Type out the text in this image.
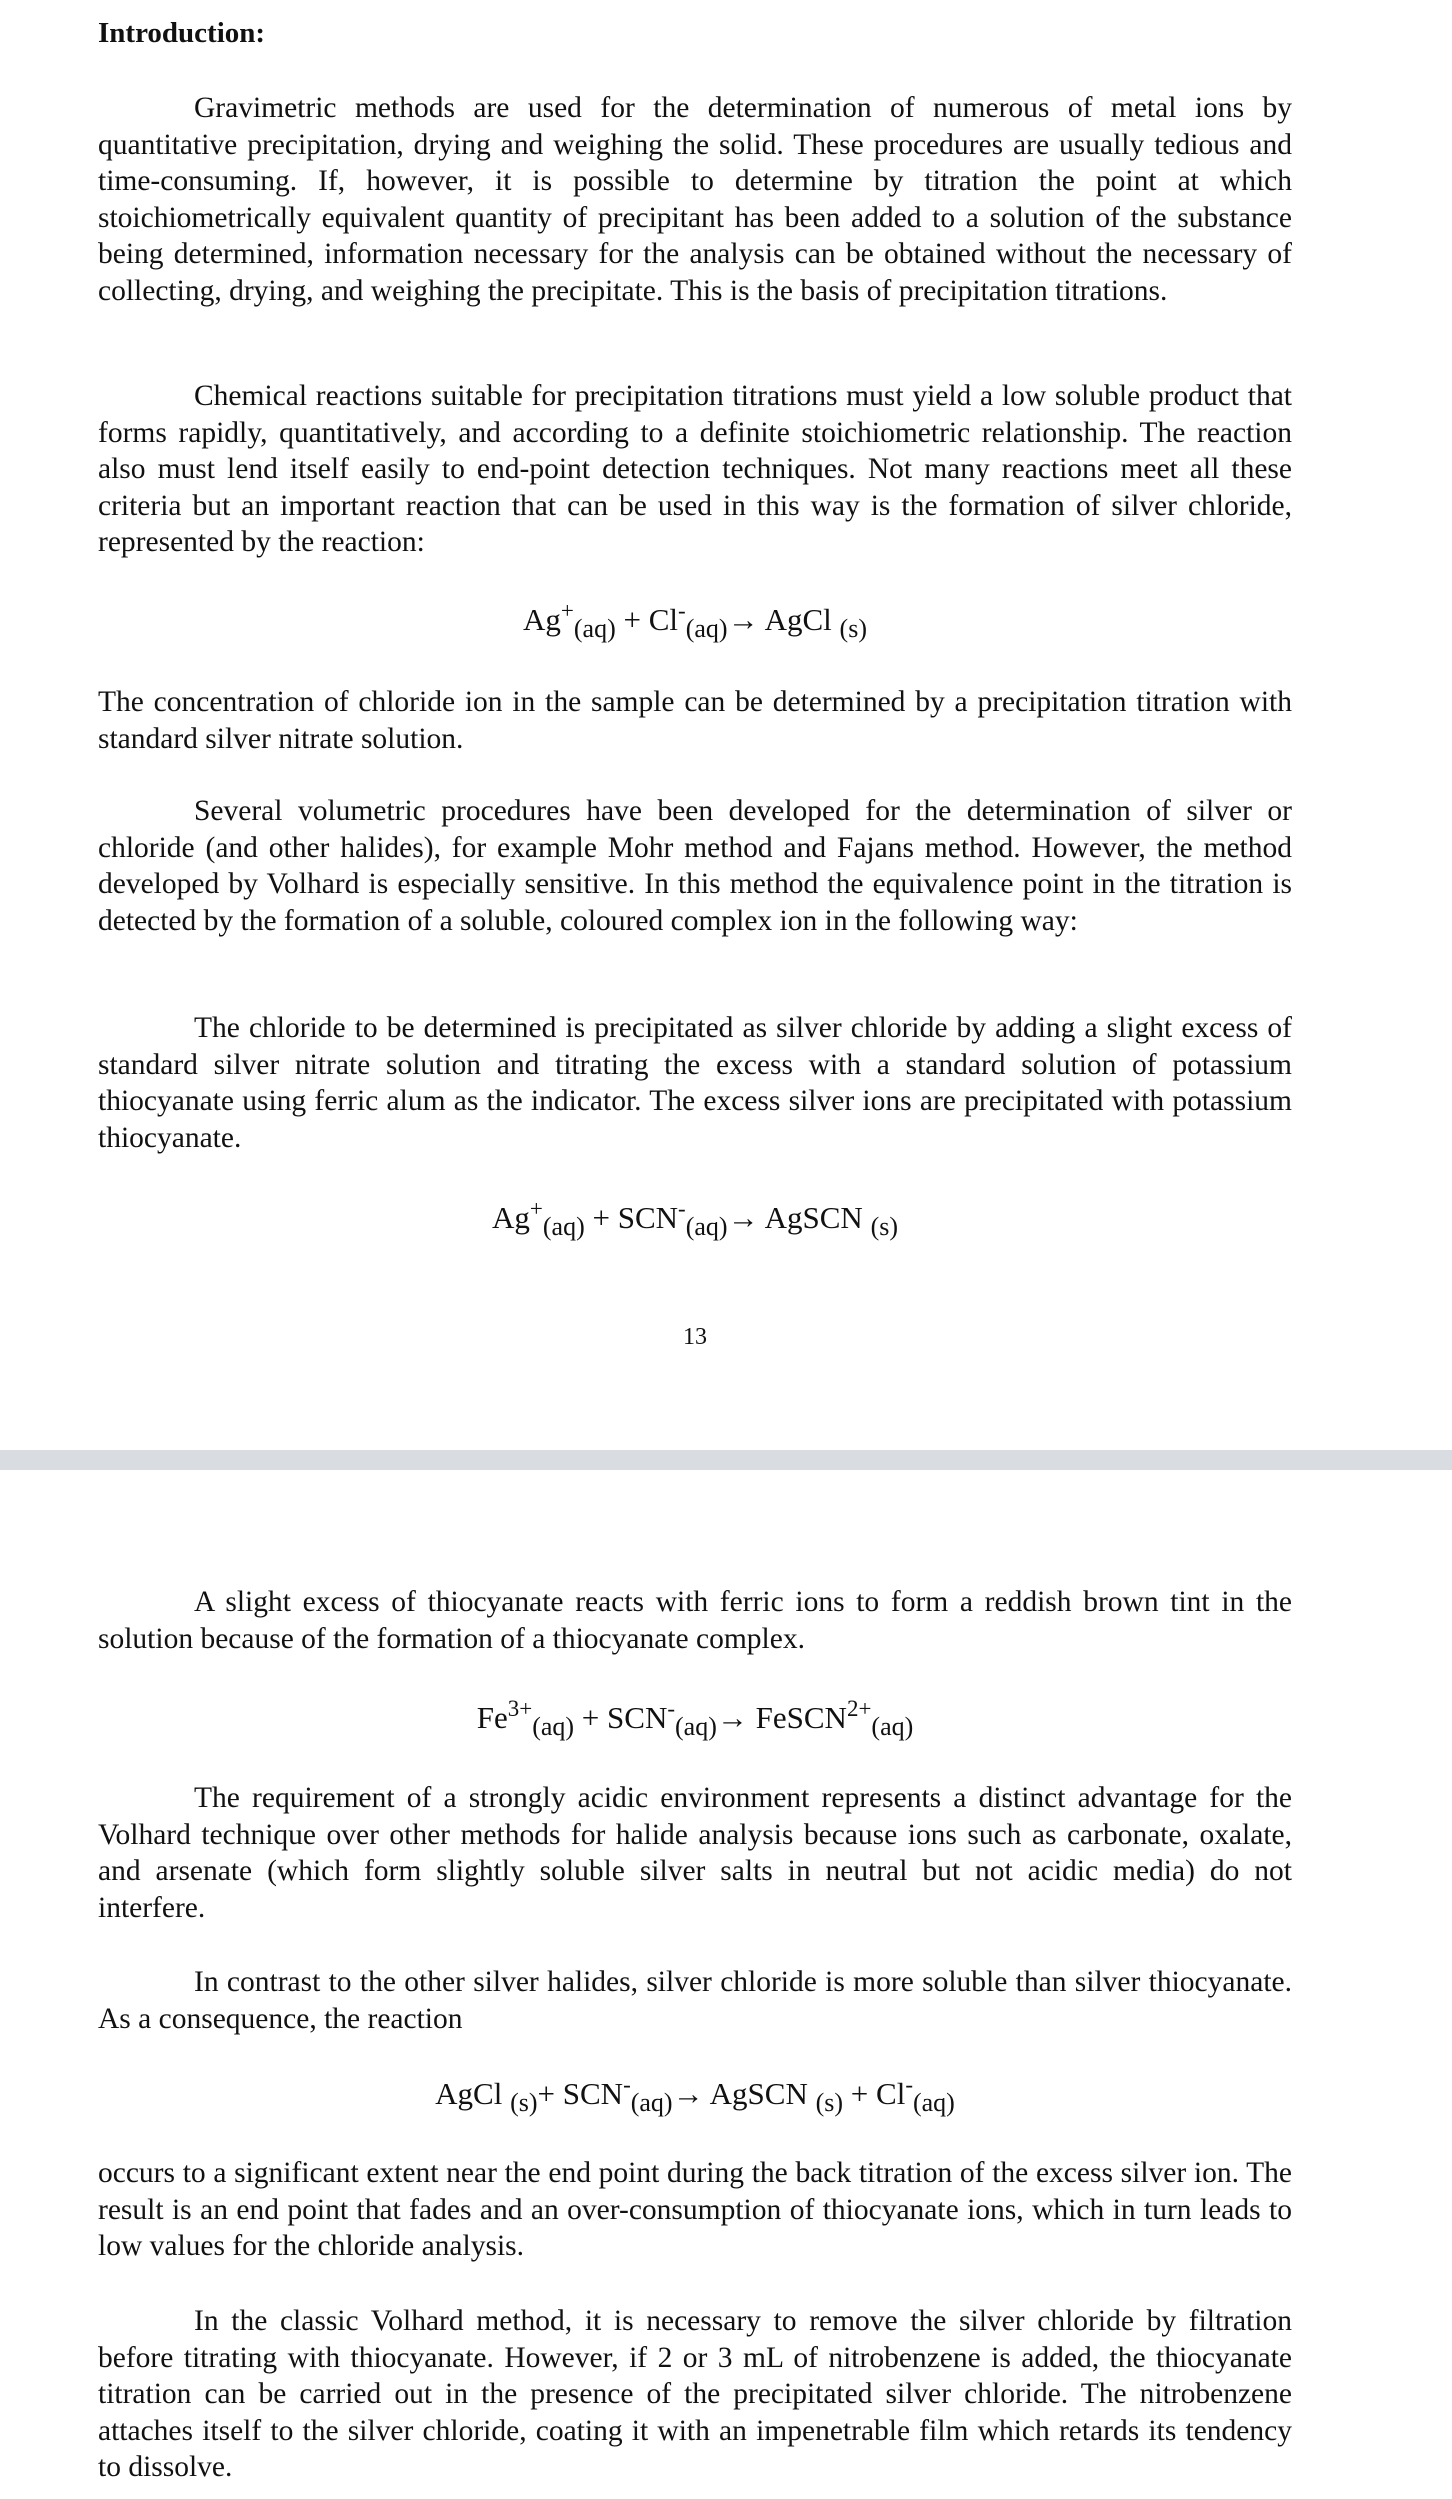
Introduction:

Gravimetric methods are used for the determination of numerous of metal ions by quantitative precipitation, drying and weighing the solid. These procedures are usually tedious and time-consuming. If, however, it is possible to determine by titration the point at which stoichiometrically equivalent quantity of precipitant has been added to a solution of the substance being determined, information necessary for the analysis can be obtained without the necessary of collecting, drying, and weighing the precipitate. This is the basis of precipitation titrations.

Chemical reactions suitable for precipitation titrations must yield a low soluble product that forms rapidly, quantitatively, and according to a definite stoichiometric relationship. The reaction also must lend itself easily to end-point detection techniques. Not many reactions meet all these criteria but an important reaction that can be used in this way is the formation of silver chloride, represented by the reaction:

$Ag^+_{(aq)} + Cl^-_{(aq)}\to$ AgCl $_{(s)}$

The concentration of chloride ion in the sample can be determined by a precipitation titration with standard silver nitrate solution.

Several volumetric procedures have been developed for the determination of silver or chloride (and other halides), for example Mohr method and Fajans method. However, the method developed by Volhard is especially sensitive. In this method the equivalence point in the titration is detected by the formation of a soluble, coloured complex ion in the following way:

The chloride to be determined is precipitated as silver chloride by adding a slight excess of standard silver nitrate solution and titrating the excess with a standard solution of potassium thiocyanate using ferric alum as the indicator. The excess silver ions are precipitated with potassium thiocyanate.

$Ag^+_{(aq)} + SCN^-_{(aq)}\to$ AgSCN $_{(s)}$
13

A slight excess of thiocyanate reacts with ferric ions to form a reddish brown tint in the solution because of the formation of a thiocyanate complex.

$Fe^{3+}_{(aq)} + SCN^-_{(aq)}\to$ FeSCN$^{2+}_{(aq)}$

The requirement of a strongly acidic environment represents a distinct advantage for the Volhard technique over other methods for halide analysis because ions such as carbonate, oxalate, and arsenate (which form slightly soluble silver salts in neutral but not acidic media) do not interfere.

In contrast to the other silver halides, silver chloride is more soluble than silver thiocyanate. As a consequence, the reaction

AgCl $_{(s)}+ SCN^-_{(aq)}\to$ AgSCN $_{(s)} + Cl^-_{(aq)}$

occurs to a significant extent near the end point during the back titration of the excess silver ion. The result is an end point that fades and an over-consumption of thiocyanate ions, which in turn leads to low values for the chloride analysis.

In the classic Volhard method, it is necessary to remove the silver chloride by filtration before titrating with thiocyanate. However, if 2 or 3 mL of nitrobenzene is added, the thiocyanate titration can be carried out in the presence of the precipitated silver chloride. The nitrobenzene attaches itself to the silver chloride, coating it with an impenetrable film which retards its tendency to dissolve.
